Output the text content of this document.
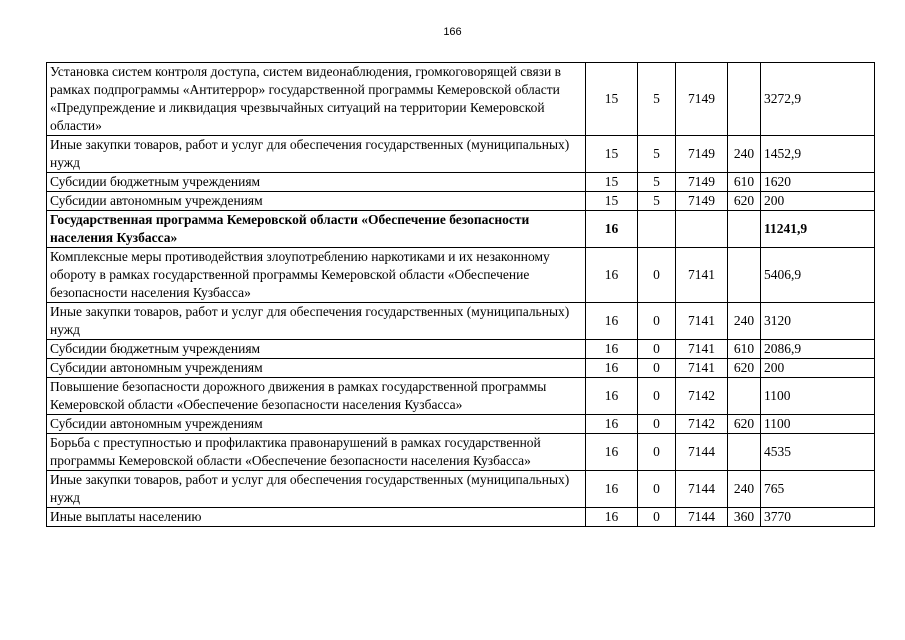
166
Установка систем контроля доступа, систем видеонаблюдения, громкоговорящей связи в рамках подпрограммы «Антитеррор» государственной программы Кемеровской области «Предупреждение и ликвидация чрезвычайных ситуаций на территории Кемеровской области»	15	5	7149		3272,9
Иные закупки товаров, работ и услуг для обеспечения государственных (муниципальных) нужд	15	5	7149	240	1452,9
Субсидии бюджетным учреждениям	15	5	7149	610	1620
Субсидии автономным учреждениям	15	5	7149	620	200
Государственная программа Кемеровской области «Обеспечение безопасности населения Кузбасса»	16				11241,9
Комплексные меры противодействия злоупотреблению наркотиками и их незаконному обороту в рамках государственной программы Кемеровской области «Обеспечение безопасности населения Кузбасса»	16	0	7141		5406,9
Иные закупки товаров, работ и услуг для обеспечения государственных (муниципальных) нужд	16	0	7141	240	3120
Субсидии бюджетным учреждениям	16	0	7141	610	2086,9
Субсидии автономным учреждениям	16	0	7141	620	200
Повышение безопасности дорожного движения в рамках государственной программы Кемеровской области «Обеспечение безопасности населения Кузбасса»	16	0	7142		1100
Субсидии автономным учреждениям	16	0	7142	620	1100
Борьба с преступностью и профилактика правонарушений в рамках государственной программы Кемеровской области «Обеспечение безопасности населения Кузбасса»	16	0	7144		4535
Иные закупки товаров, работ и услуг для обеспечения государственных (муниципальных) нужд	16	0	7144	240	765
Иные выплаты населению	16	0	7144	360	3770
